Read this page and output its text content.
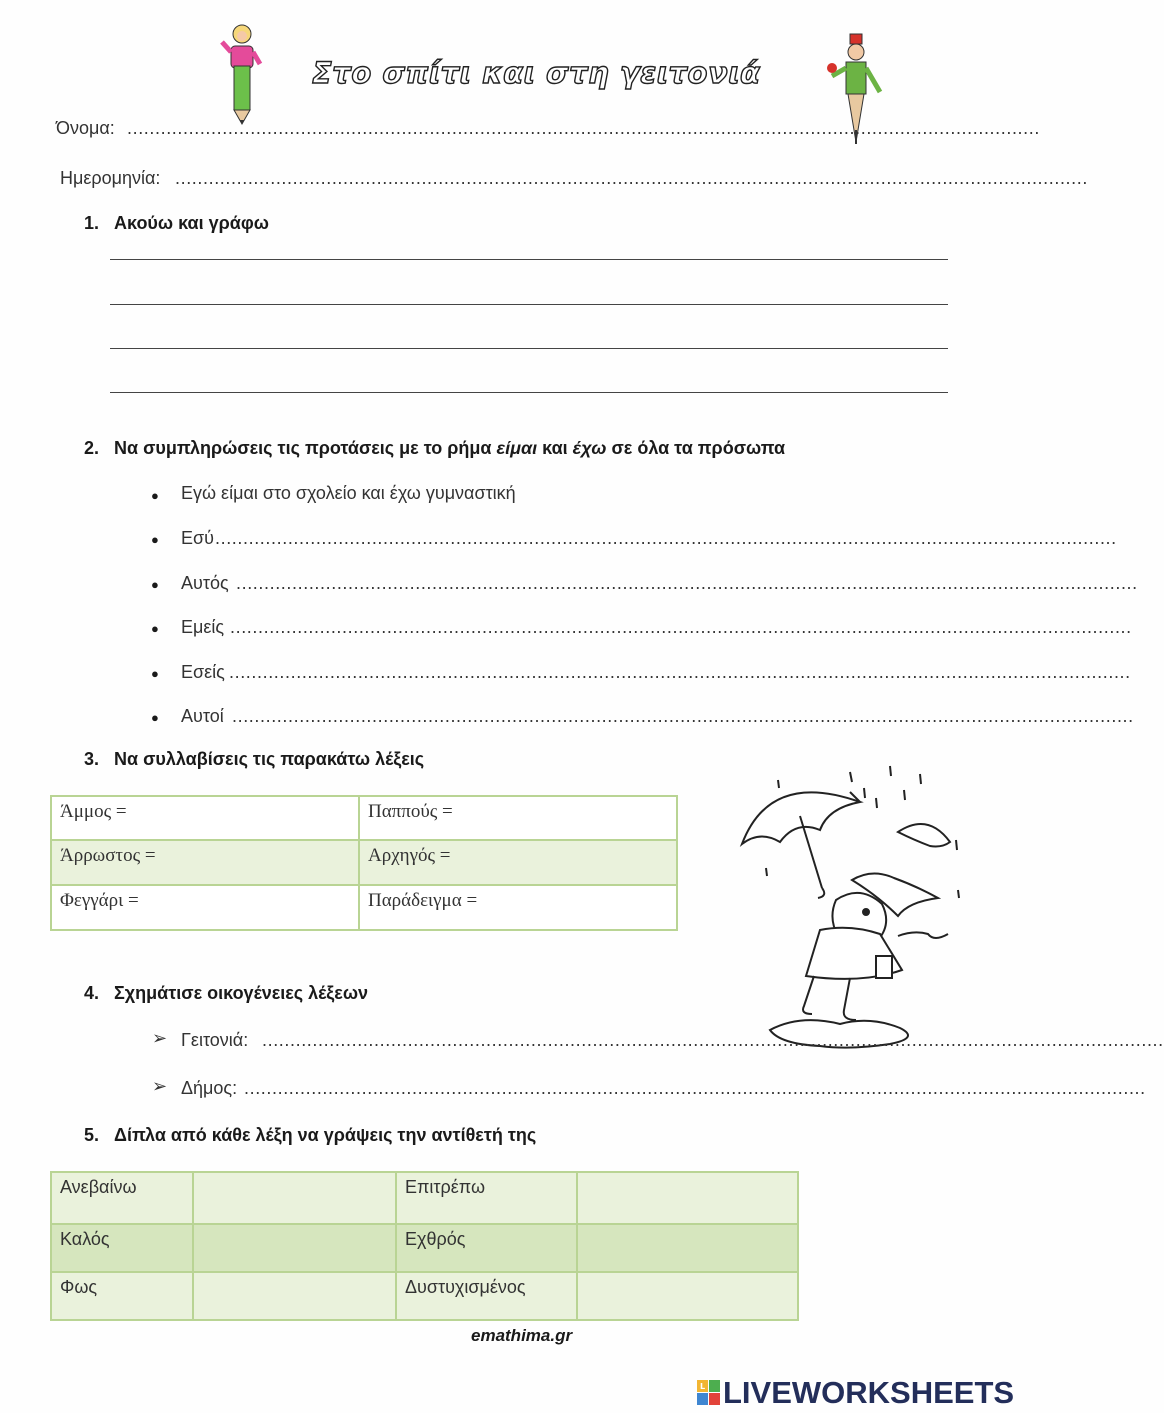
Στο σπίτι και στη γειτονιά
Όνομα: ...................................................................................................................................................................
Ημερομηνία: ...................................................................................................................................................................
1. Ακούω και γράφω
2. Να συμπληρώσεις τις προτάσεις με το ρήμα είμαι και έχω σε όλα τα πρόσωπα
● Εγώ είμαι στο σχολείο και έχω γυμναστική
● Εσύ .................................................................................................................................................................
● Αυτός .................................................................................................................................................................
● Εμείς .................................................................................................................................................................
● Εσείς .................................................................................................................................................................
● Αυτοί .................................................................................................................................................................
3. Να συλλαβίσεις τις παρακάτω λέξεις
Άμμος =	Παππούς =
Άρρωστος =	Αρχηγός =
Φεγγάρι =	Παράδειγμα =
4. Σχημάτισε οικογένειες λέξεων
➢ Γειτονιά: .................................................................................................................................................................
➢ Δήμος: .................................................................................................................................................................
5. Δίπλα από κάθε λέξη να γράψεις την αντίθετή της
Ανεβαίνω		Επιτρέπω	
Καλός		Εχθρός	
Φως		Δυστυχισμένος	
emathima.gr
L LIVEWORKSHEETS
